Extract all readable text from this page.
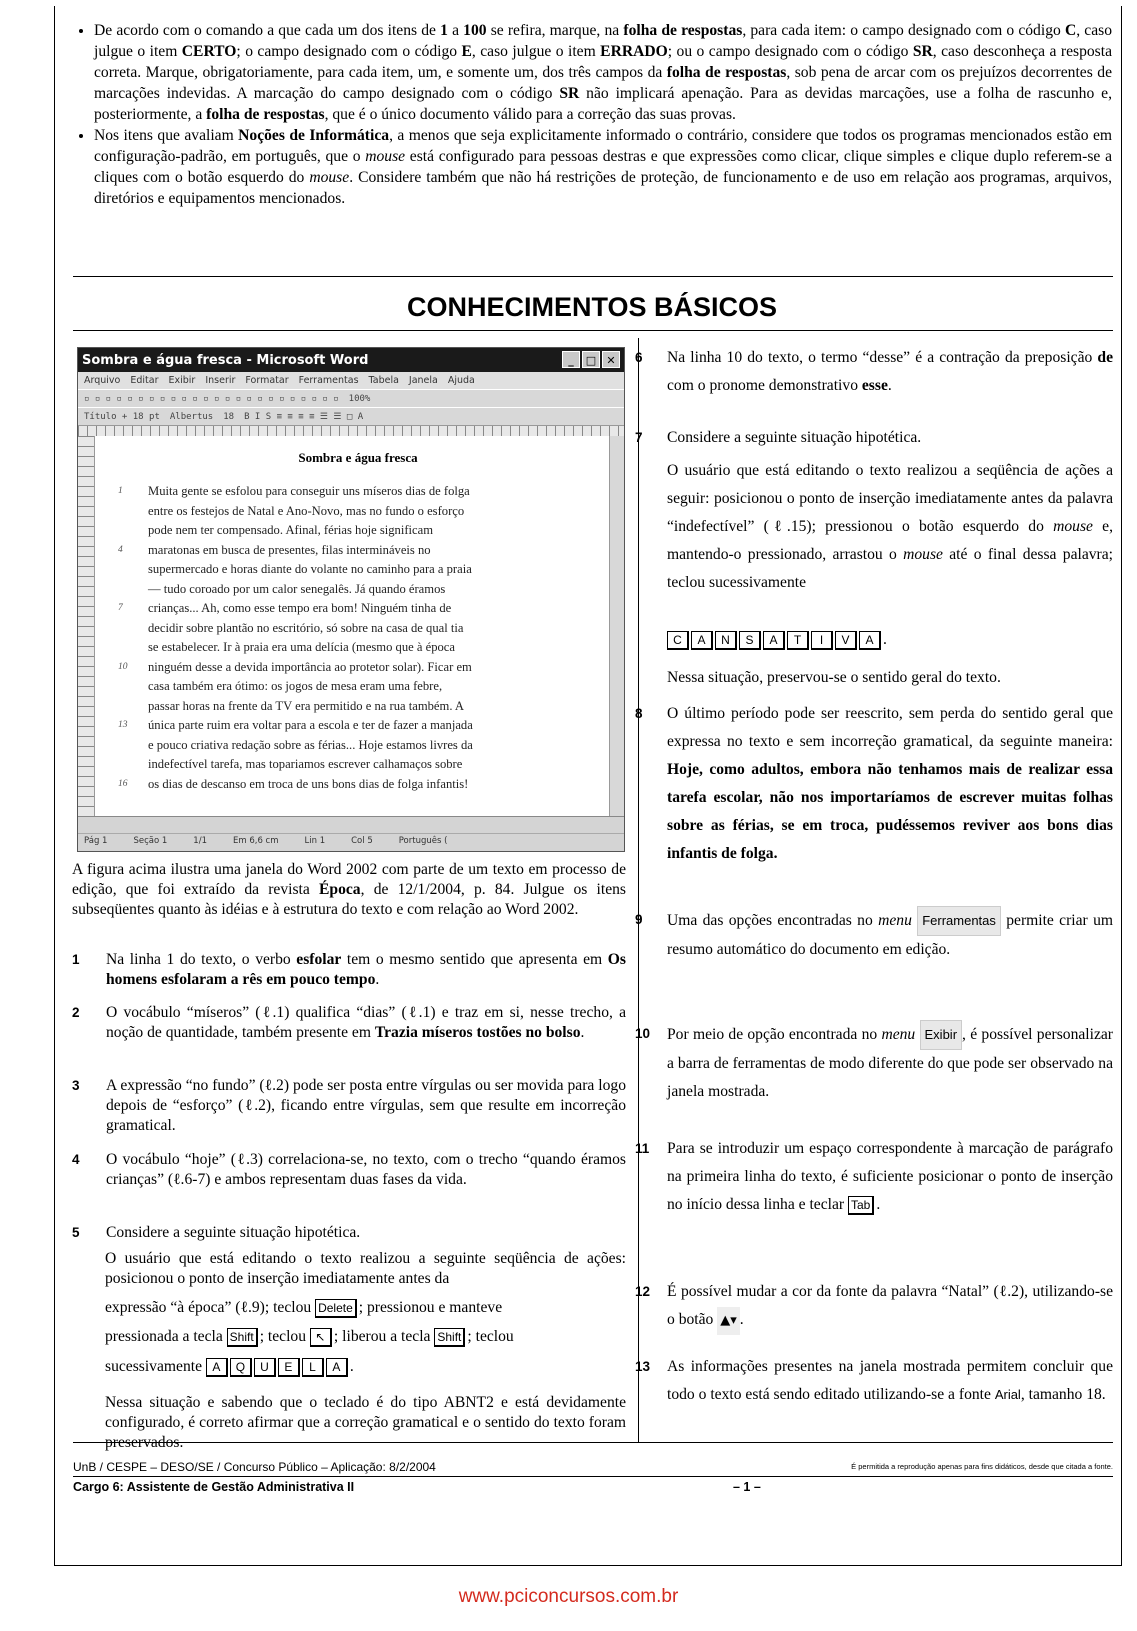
• De acordo com o comando a que cada um dos itens de 1 a 100 se refira, marque, na folha de respostas, para cada item: o campo designado com o código C, caso julgue o item CERTO; o campo designado com o código E, caso julgue o item ERRADO; ou o campo designado com o código SR, caso desconheça a resposta correta. Marque, obrigatoriamente, para cada item, um, e somente um, dos três campos da folha de respostas, sob pena de arcar com os prejuízos decorrentes de marcações indevidas. A marcação do campo designado com o código SR não implicará apenação. Para as devidas marcações, use a folha de rascunho e, posteriormente, a folha de respostas, que é o único documento válido para a correção das suas provas.
• Nos itens que avaliam Noções de Informática, a menos que seja explicitamente informado o contrário, considere que todos os programas mencionados estão em configuração-padrão, em português, que o mouse está configurado para pessoas destras e que expressões como clicar, clique simples e clique duplo referem-se a cliques com o botão esquerdo do mouse. Considere também que não há restrições de proteção, de funcionamento e de uso em relação aos programas, arquivos, diretórios e equipamentos mencionados.
CONHECIMENTOS BÁSICOS
Sombra e água fresca - Microsoft Word	_	□ ✕
Arquivo Editar Exibir Inserir Formatar Ferramentas Tabela Janela Ajuda
▫ ▫ ▫ ▫ ▫ ▫ ▫ ▫ ▫ ▫ ▫ ▫ ▫ ▫ ▫ ▫ ▫ ▫ ▫ ▫ ▫ ▫ ▫ ▫ 100%
Título + 18 pt Albertus 18 B I S ≡ ≡ ≡ ≡ ☰ ☰ □ A
Sombra e água fresca
1 Muita gente se esfolou para conseguir uns míseros dias de folga
entre os festejos de Natal e Ano-Novo, mas no fundo o esforço
pode nem ter compensado. Afinal, férias hoje significam
4 maratonas em busca de presentes, filas intermináveis no
supermercado e horas diante do volante no caminho para a praia
— tudo coroado por um calor senegalês. Já quando éramos
7 crianças... Ah, como esse tempo era bom! Ninguém tinha de
decidir sobre plantão no escritório, só sobre na casa de qual tia
se estabelecer. Ir à praia era uma delícia (mesmo que à época
10 ninguém desse a devida importância ao protetor solar). Ficar em
casa também era ótimo: os jogos de mesa eram uma febre,
passar horas na frente da TV era permitido e na rua também. A
13 única parte ruim era voltar para a escola e ter de fazer a manjada
e pouco criativa redação sobre as férias... Hoje estamos livres da
indefectível tarefa, mas topariamos escrever calhamaços sobre
16 os dias de descanso em troca de uns bons dias de folga infantis!
Pág 1	Seção 1	1/1	Em 6,6 cm	Lin 1	Col 5	Português (
A figura acima ilustra uma janela do Word 2002 com parte de um texto em processo de edição, que foi extraído da revista Época, de 12/1/2004, p. 84. Julgue os itens subseqüentes quanto às idéias e à estrutura do texto e com relação ao Word 2002.
1 Na linha 1 do texto, o verbo esfolar tem o mesmo sentido que apresenta em Os homens esfolaram a rês em pouco tempo.
2 O vocábulo “míseros” (ℓ.1) qualifica “dias” (ℓ.1) e traz em si, nesse trecho, a noção de quantidade, também presente em Trazia míseros tostões no bolso.
3 A expressão “no fundo” (ℓ.2) pode ser posta entre vírgulas ou ser movida para logo depois de “esforço” (ℓ.2), ficando entre vírgulas, sem que resulte em incorreção gramatical.
4 O vocábulo “hoje” (ℓ.3) correlaciona-se, no texto, com o trecho “quando éramos crianças” (ℓ.6-7) e ambos representam duas fases da vida.
5 Considere a seguinte situação hipotética.
O usuário que está editando o texto realizou a seguinte seqüência de ações: posicionou o ponto de inserção imediatamente antes da
expressão “à época” (ℓ.9); teclou Delete ; pressionou e manteve
pressionada a tecla Shift ; teclou ↖ ; liberou a tecla Shift ; teclou
sucessivamente A Q U E L A .
Nessa situação e sabendo que o teclado é do tipo ABNT2 e está devidamente configurado, é correto afirmar que a correção gramatical e o sentido do texto foram preservados.
6 Na linha 10 do texto, o termo “desse” é a contração da preposição de com o pronome demonstrativo esse.
7 Considere a seguinte situação hipotética.
O usuário que está editando o texto realizou a seqüência de ações a seguir: posicionou o ponto de inserção imediatamente antes da palavra “indefectível” (ℓ.15); pressionou o botão esquerdo do mouse e, mantendo-o pressionado, arrastou o mouse até o final dessa palavra; teclou sucessivamente
C A N S A T I V A .
Nessa situação, preservou-se o sentido geral do texto.
8 O último período pode ser reescrito, sem perda do sentido geral que expressa no texto e sem incorreção gramatical, da seguinte maneira: Hoje, como adultos, embora não tenhamos mais de realizar essa tarefa escolar, não nos importaríamos de escrever muitas folhas sobre as férias, se em troca, pudéssemos reviver aos bons dias infantis de folga.
9 Uma das opções encontradas no menu Ferramentas permite criar um resumo automático do documento em edição.
10 Por meio de opção encontrada no menu Exibir , é possível personalizar a barra de ferramentas de modo diferente do que pode ser observado na janela mostrada.
11 Para se introduzir um espaço correspondente à marcação de parágrafo na primeira linha do texto, é suficiente posicionar o ponto de inserção no início dessa linha e teclar Tab .
12 É possível mudar a cor da fonte da palavra “Natal” (ℓ.2), utilizando-se o botão ▲▾ .
13 As informações presentes na janela mostrada permitem concluir que todo o texto está sendo editado utilizando-se a fonte Arial, tamanho 18.
UnB / CESPE – DESO/SE / Concurso Público – Aplicação: 8/2/2004	É permitida a reprodução apenas para fins didáticos, desde que citada a fonte.
Cargo 6: Assistente de Gestão Administrativa II	– 1 –
www.pciconcursos.com.br
